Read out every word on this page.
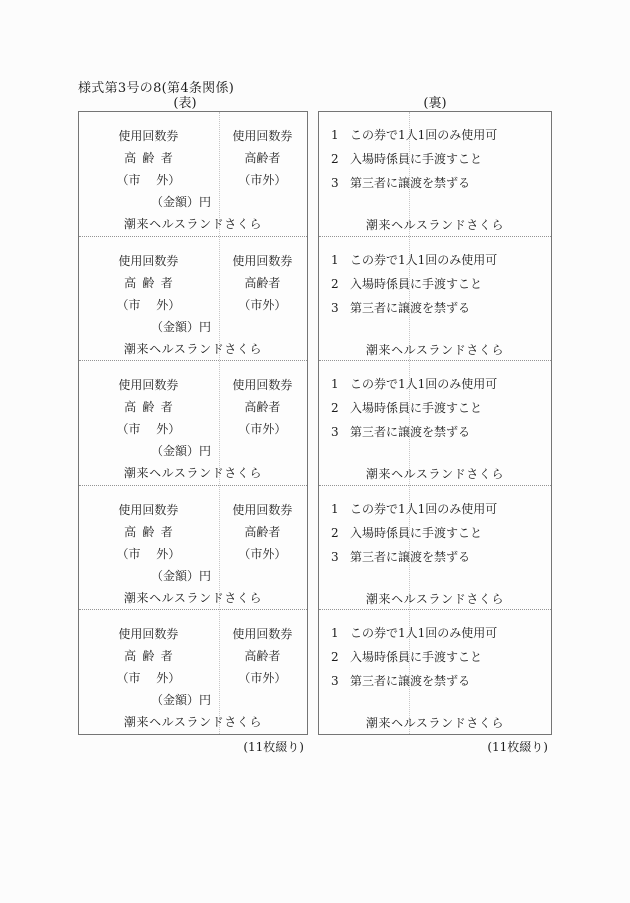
様式第3号の8(第4条関係)
(表)	(裏)
使用回数券	使用回数券
高 齢 者	高齢者
（市　 外）	（市外）
（金額）円
潮来ヘルスランドさくら
使用回数券	使用回数券
高 齢 者	高齢者
（市　 外）	（市外）
（金額）円
潮来ヘルスランドさくら
使用回数券	使用回数券
高 齢 者	高齢者
（市　 外）	（市外）
（金額）円
潮来ヘルスランドさくら
使用回数券	使用回数券
高 齢 者	高齢者
（市　 外）	（市外）
（金額）円
潮来ヘルスランドさくら
使用回数券	使用回数券
高 齢 者	高齢者
（市　 外）	（市外）
（金額）円
潮来ヘルスランドさくら
1 この券で1人1回のみ使用可
2 入場時係員に手渡すこと
3 第三者に譲渡を禁ずる
潮来ヘルスランドさくら
1 この券で1人1回のみ使用可
2 入場時係員に手渡すこと
3 第三者に譲渡を禁ずる
潮来ヘルスランドさくら
1 この券で1人1回のみ使用可
2 入場時係員に手渡すこと
3 第三者に譲渡を禁ずる
潮来ヘルスランドさくら
1 この券で1人1回のみ使用可
2 入場時係員に手渡すこと
3 第三者に譲渡を禁ずる
潮来ヘルスランドさくら
1 この券で1人1回のみ使用可
2 入場時係員に手渡すこと
3 第三者に譲渡を禁ずる
潮来ヘルスランドさくら
(11枚綴り)	(11枚綴り)
